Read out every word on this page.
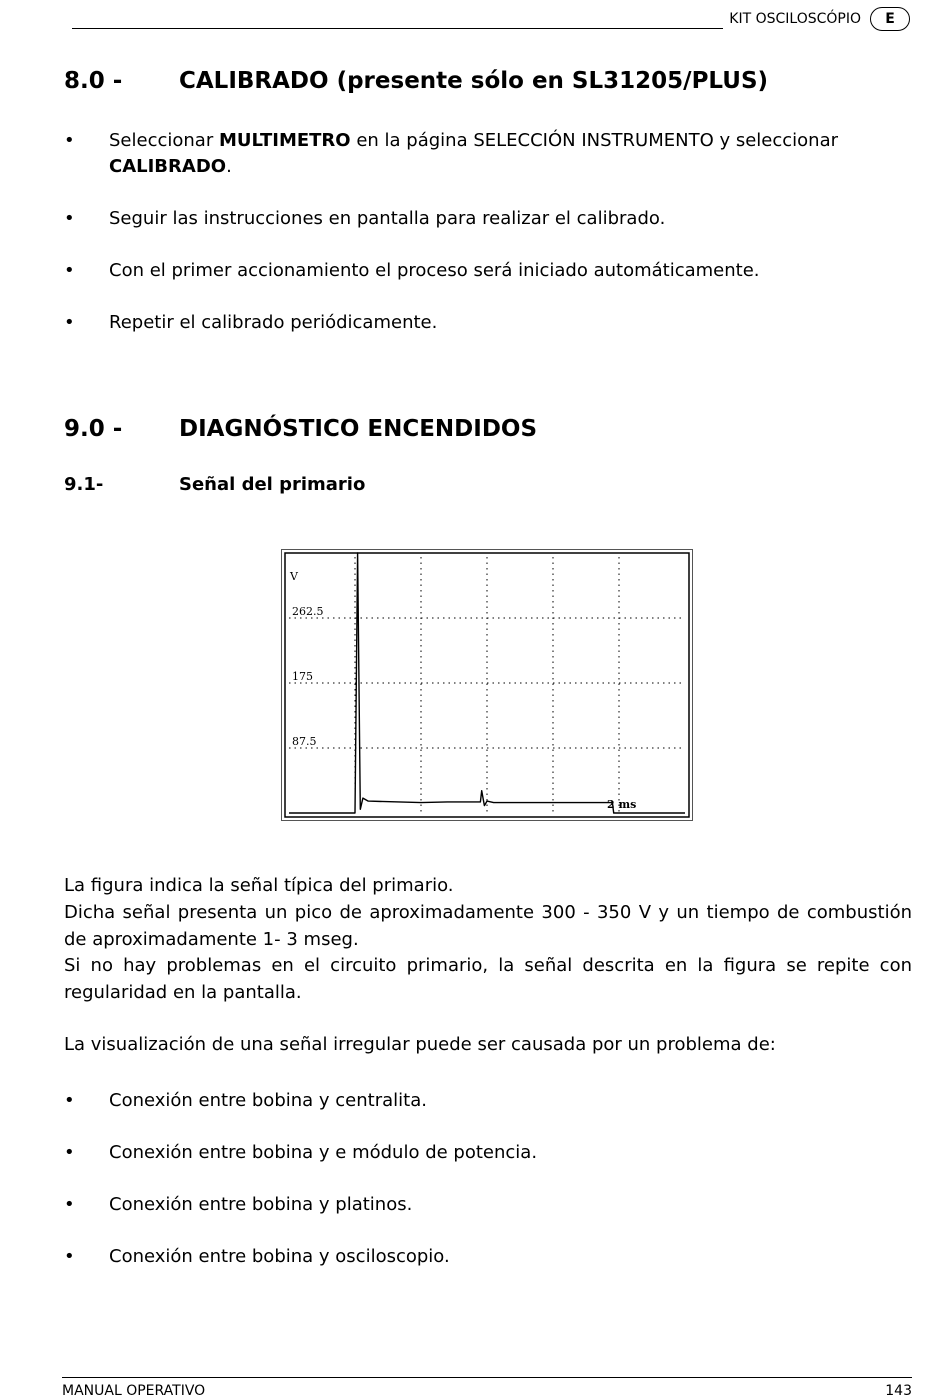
KIT OSCILOSCÓPIO	E
8.0 -	CALIBRADO (presente sólo en SL31205/PLUS)
•	Seleccionar MULTIMETRO en la página SELECCIÓN INSTRUMENTO y seleccionar CALIBRADO.
•	Seguir las instrucciones en pantalla para realizar el calibrado.
•	Con el primer accionamiento el proceso será iniciado automáticamente.
•	Repetir el calibrado periódicamente.
9.0 -	DIAGNÓSTICO ENCENDIDOS
9.1-	Señal del primario
V
262.5
175
87.5
2 ms
La figura indica la señal típica del primario.
Dicha señal presenta un pico de aproximadamente 300 - 350 V y un tiempo de combustión de aproximadamente 1- 3 mseg.
Si no hay problemas en el circuito primario, la señal descrita en la figura se repite con regularidad en la pantalla.
La visualización de una señal irregular puede ser causada por un problema de:
•	Conexión entre bobina y centralita.
•	Conexión entre bobina y e módulo de potencia.
•	Conexión entre bobina y platinos.
•	Conexión entre bobina y osciloscopio.
MANUAL OPERATIVO	143
